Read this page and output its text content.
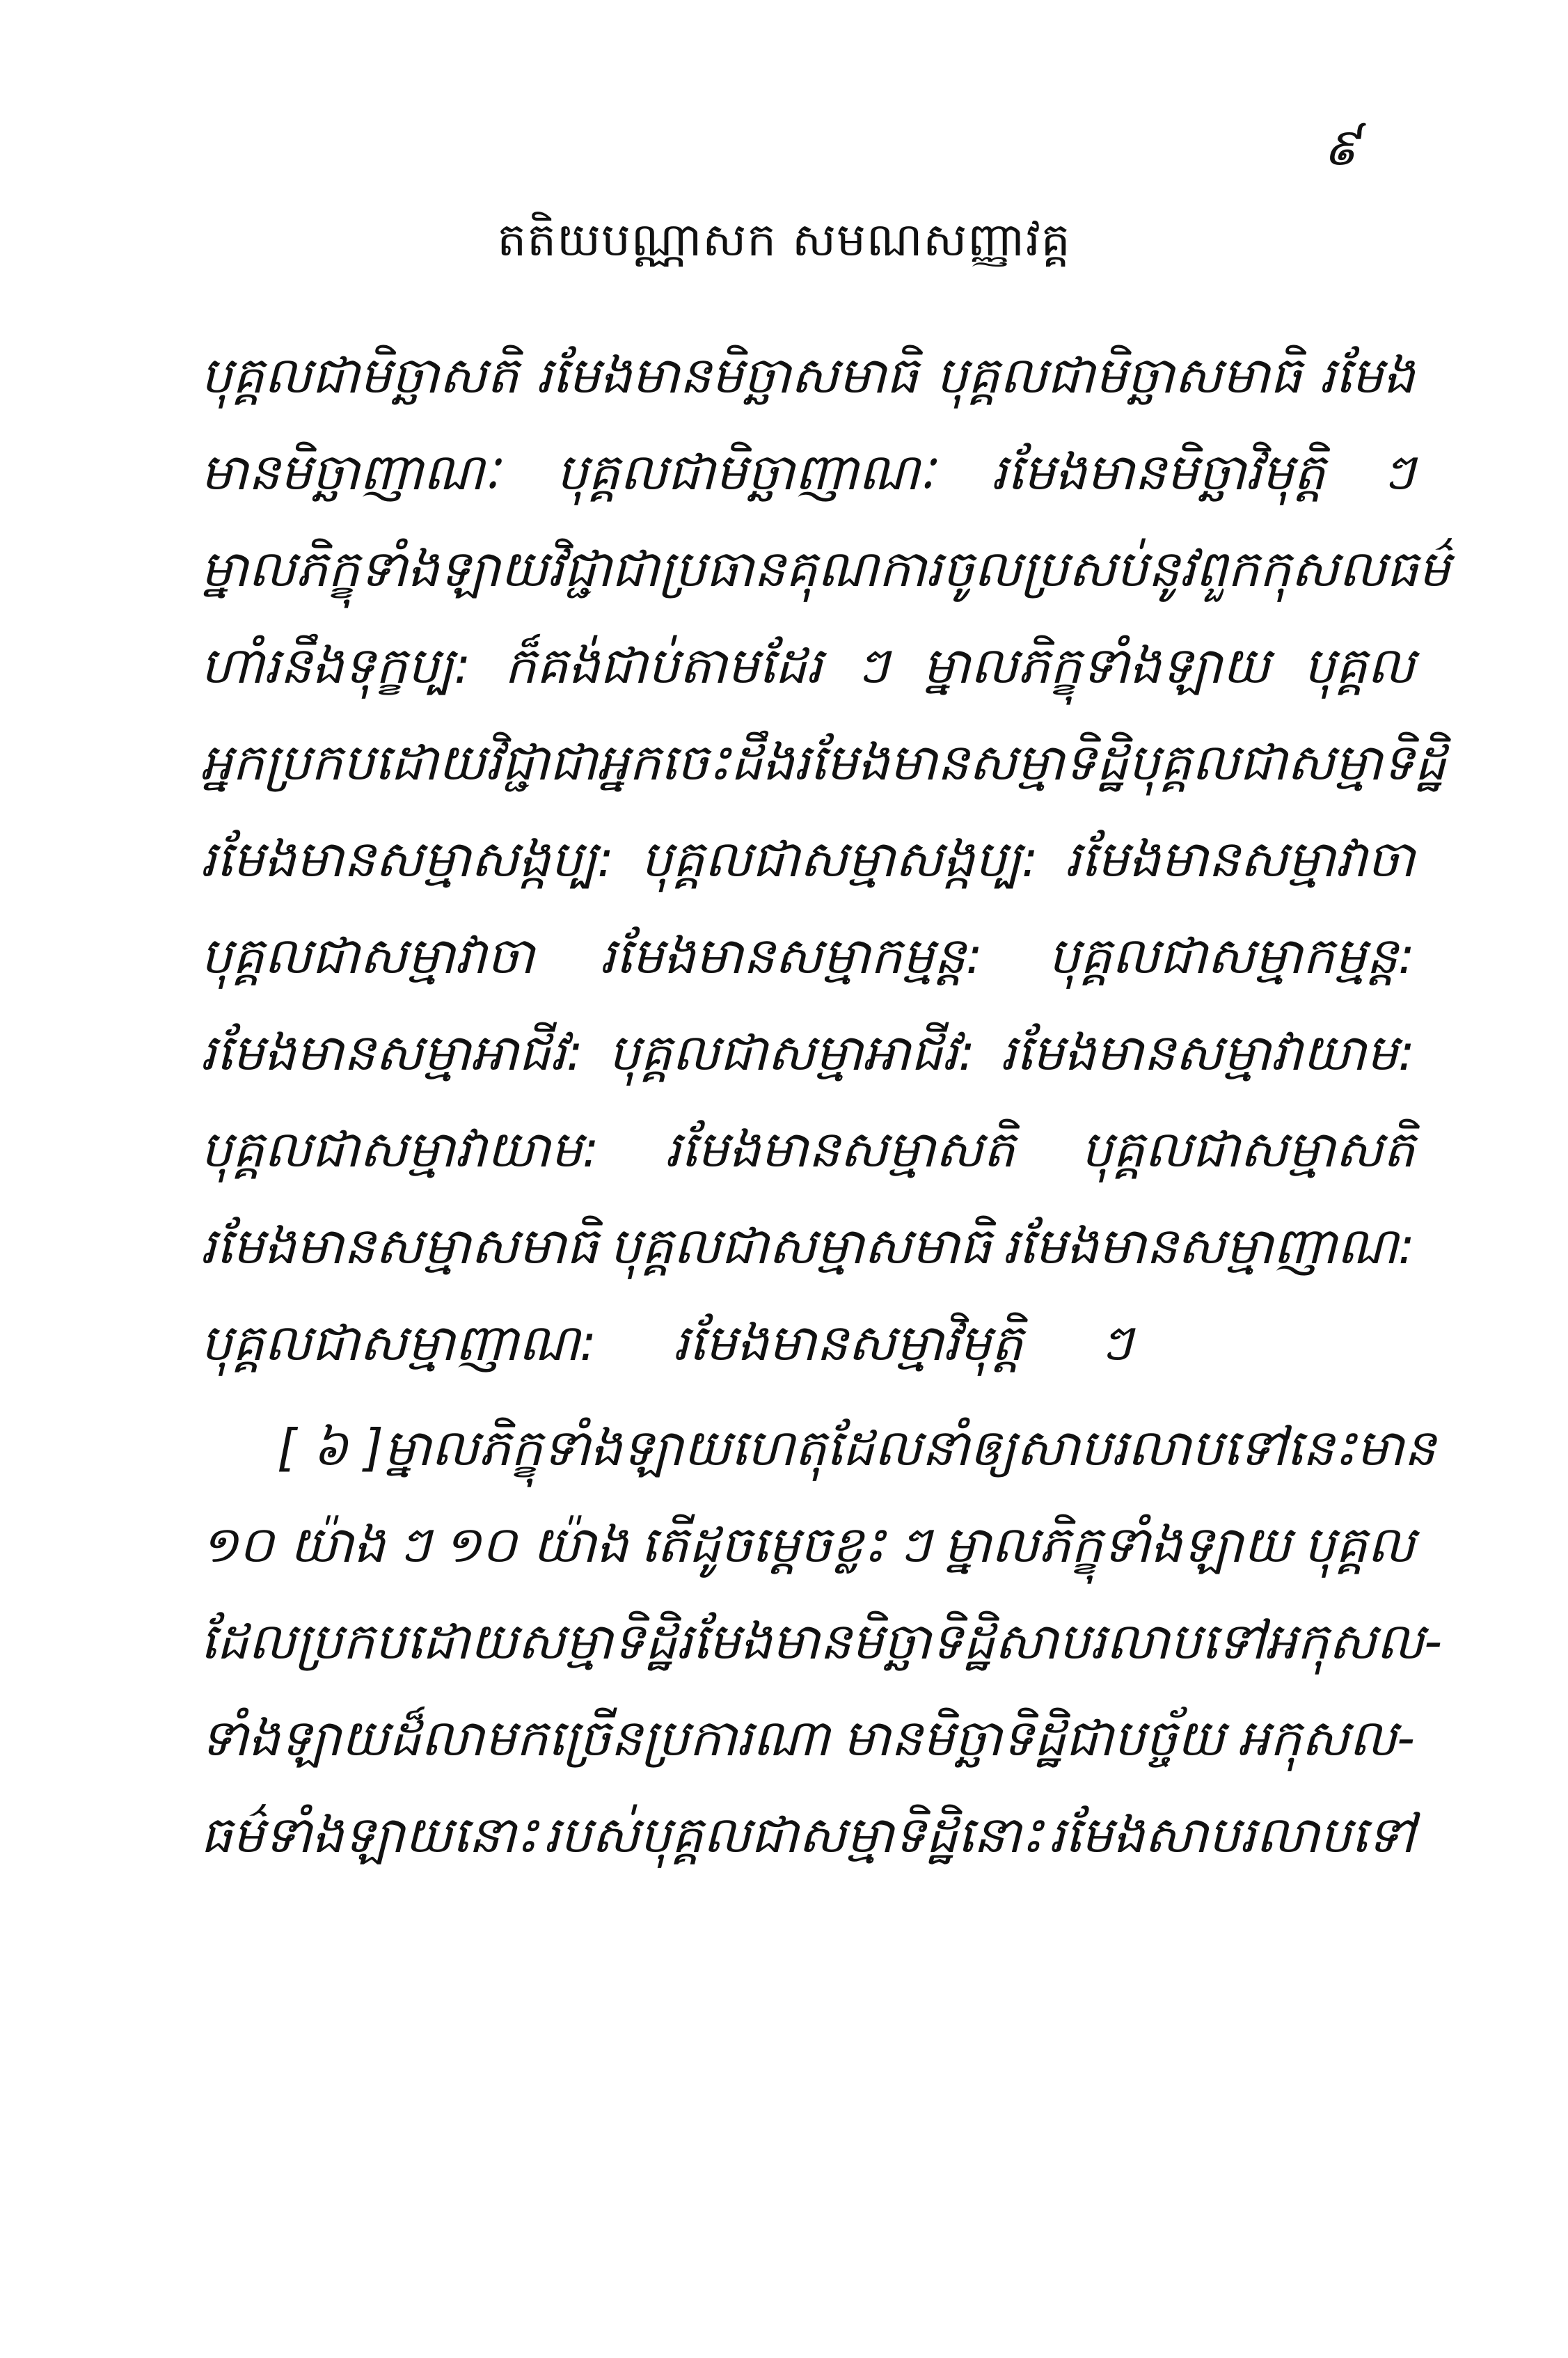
៩
តតិយបណ្ណាសក សមណសញ្ញាវគ្គ
បុគ្គលជាមិច្ឆាសតិ រមែងមានមិច្ឆាសមាធិ បុគ្គលជាមិច្ឆាសមាធិ រមែង
មានមិច្ឆាញាណៈ បុគ្គលជាមិច្ឆាញាណៈ រមែងមានមិច្ឆាវិមុត្តិ ៗ
ម្នាលភិក្ខុទាំងឡាយ វិជ្ជា ជាប្រធាន គុណការចូលប្រសប់នូវពួកកុសលធម៌
ហាំរនឹងទុក្ខប្ប: ក៏គង់ជាប់តាមដែរ ៗ ម្នាលភិក្ខុទាំងឡាយ បុគ្គល
អ្នកប្រកបដោយវិជ្ជាជាអ្នកចេះដឹង រមែងមានសម្មាទិដ្ឋិ បុគ្គលជាសម្មាទិដ្ឋិ
រមែងមានសម្មាសង្កប្ប: បុគ្គលជាសម្មាសង្កប្ប: រមែងមានសម្មាវាចា
បុគ្គលជាសម្មាវាចា រមែងមានសម្មាកម្មន្ត: បុគ្គលជាសម្មាកម្មន្ត:
រមែងមានសម្មាអាជីវ: បុគ្គលជាសម្មាអាជីវ: រមែងមានសម្មាវាយាម:
បុគ្គលជាសម្មាវាយាម: រមែងមានសម្មាសតិ បុគ្គលជាសម្មាសតិ
រមែងមានសម្មាសមាធិ បុគ្គលជាសម្មាសមាធិ រមែងមានសម្មាញាណ:
បុគ្គលជាសម្មាញាណ: រមែងមានសម្មាវិមុត្តិ ៗ
[ ៦ ] ម្នាលភិក្ខុទាំងឡាយ ហេតុដែលនាំឲ្យសាបរលាបទៅនេះមាន
១០ យ៉ាង ៗ ១០ យ៉ាង តើដូចម្តេចខ្លះ ៗ ម្នាលភិក្ខុទាំងឡាយ បុគ្គល
ដែលប្រកបដោយសម្មាទិដ្ឋិ រមែងមានមិច្ឆាទិដ្ឋិសាបរលាបទៅ អកុសល-
ទាំងឡាយដ៏លាមកច្រើនប្រការណា មានមិច្ឆាទិដ្ឋិជាបច្ច័យ អកុសល-
ធម៌ទាំងឡាយនោះ របស់បុគ្គលជាសម្មាទិដ្ឋិនោះ រមែងសាបរលាបទៅ
